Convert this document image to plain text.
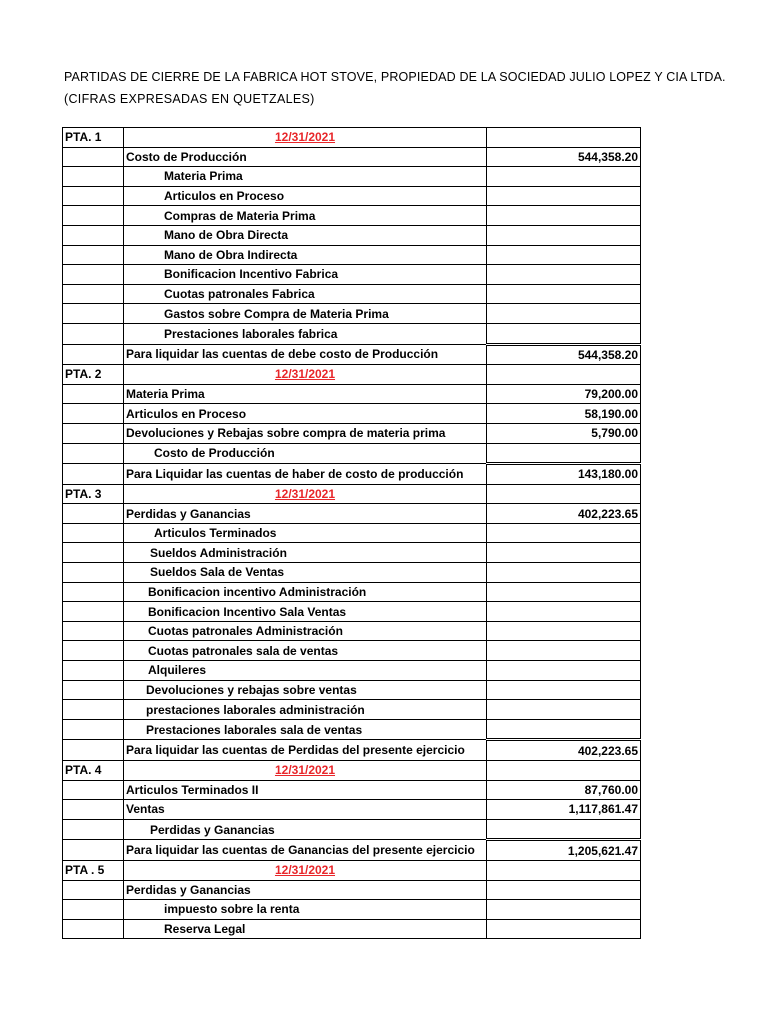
PARTIDAS DE CIERRE DE LA FABRICA HOT STOVE, PROPIEDAD DE LA SOCIEDAD JULIO LOPEZ Y CIA LTDA.
(CIFRAS EXPRESADAS EN QUETZALES)
PTA. 1	12/31/2021	
	Costo de Producción	544,358.20
	Materia Prima	
	Articulos en Proceso	
	Compras de Materia Prima	
	Mano de Obra Directa	
	Mano de Obra Indirecta	
	Bonificacion Incentivo Fabrica	
	Cuotas patronales Fabrica	
	Gastos sobre Compra de Materia Prima	
	Prestaciones laborales fabrica	
	Para liquidar las cuentas de debe costo de Producción	544,358.20
PTA. 2	12/31/2021	
	Materia Prima	79,200.00
	Articulos en Proceso	58,190.00
	Devoluciones y Rebajas sobre compra de materia prima	5,790.00
	Costo de Producción	
	Para Liquidar las cuentas de haber de costo de producción	143,180.00
PTA. 3	12/31/2021	
	Perdidas y Ganancias	402,223.65
	Articulos Terminados	
	Sueldos Administración	
	Sueldos Sala de Ventas	
	Bonificacion incentivo Administración	
	Bonificacion Incentivo Sala Ventas	
	Cuotas patronales Administración	
	Cuotas patronales sala de ventas	
	Alquileres	
	Devoluciones y rebajas sobre ventas	
	prestaciones laborales administración	
	Prestaciones laborales sala de ventas	
	Para liquidar las cuentas de Perdidas del presente ejercicio	402,223.65
PTA. 4	12/31/2021	
	Articulos Terminados II	87,760.00
	Ventas	1,117,861.47
	Perdidas y Ganancias	
	Para liquidar las cuentas de Ganancias del presente ejercicio	1,205,621.47
PTA . 5	12/31/2021	
	Perdidas y Ganancias	
	impuesto sobre la renta	
	Reserva Legal	
